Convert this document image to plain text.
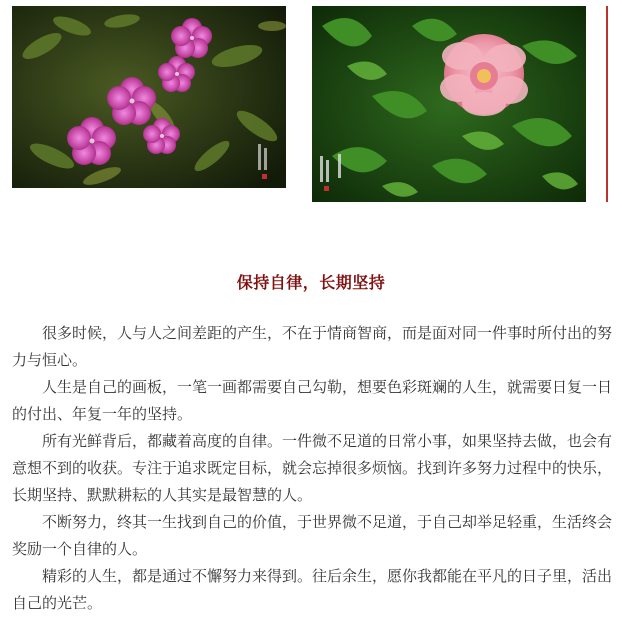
保持自律，长期坚持

很多时候，人与人之间差距的产生，不在于情商智商，而是面对同一件事时所付出的努力与恒心。

人生是自己的画板，一笔一画都需要自己勾勒，想要色彩斑斓的人生，就需要日复一日的付出、年复一年的坚持。

所有光鲜背后，都藏着高度的自律。一件微不足道的日常小事，如果坚持去做，也会有意想不到的收获。专注于追求既定目标，就会忘掉很多烦恼。找到许多努力过程中的快乐，长期坚持、默默耕耘的人其实是最智慧的人。

不断努力，终其一生找到自己的价值，于世界微不足道，于自己却举足轻重，生活终会奖励一个自律的人。

精彩的人生，都是通过不懈努力来得到。往后余生，愿你我都能在平凡的日子里，活出自己的光芒。
